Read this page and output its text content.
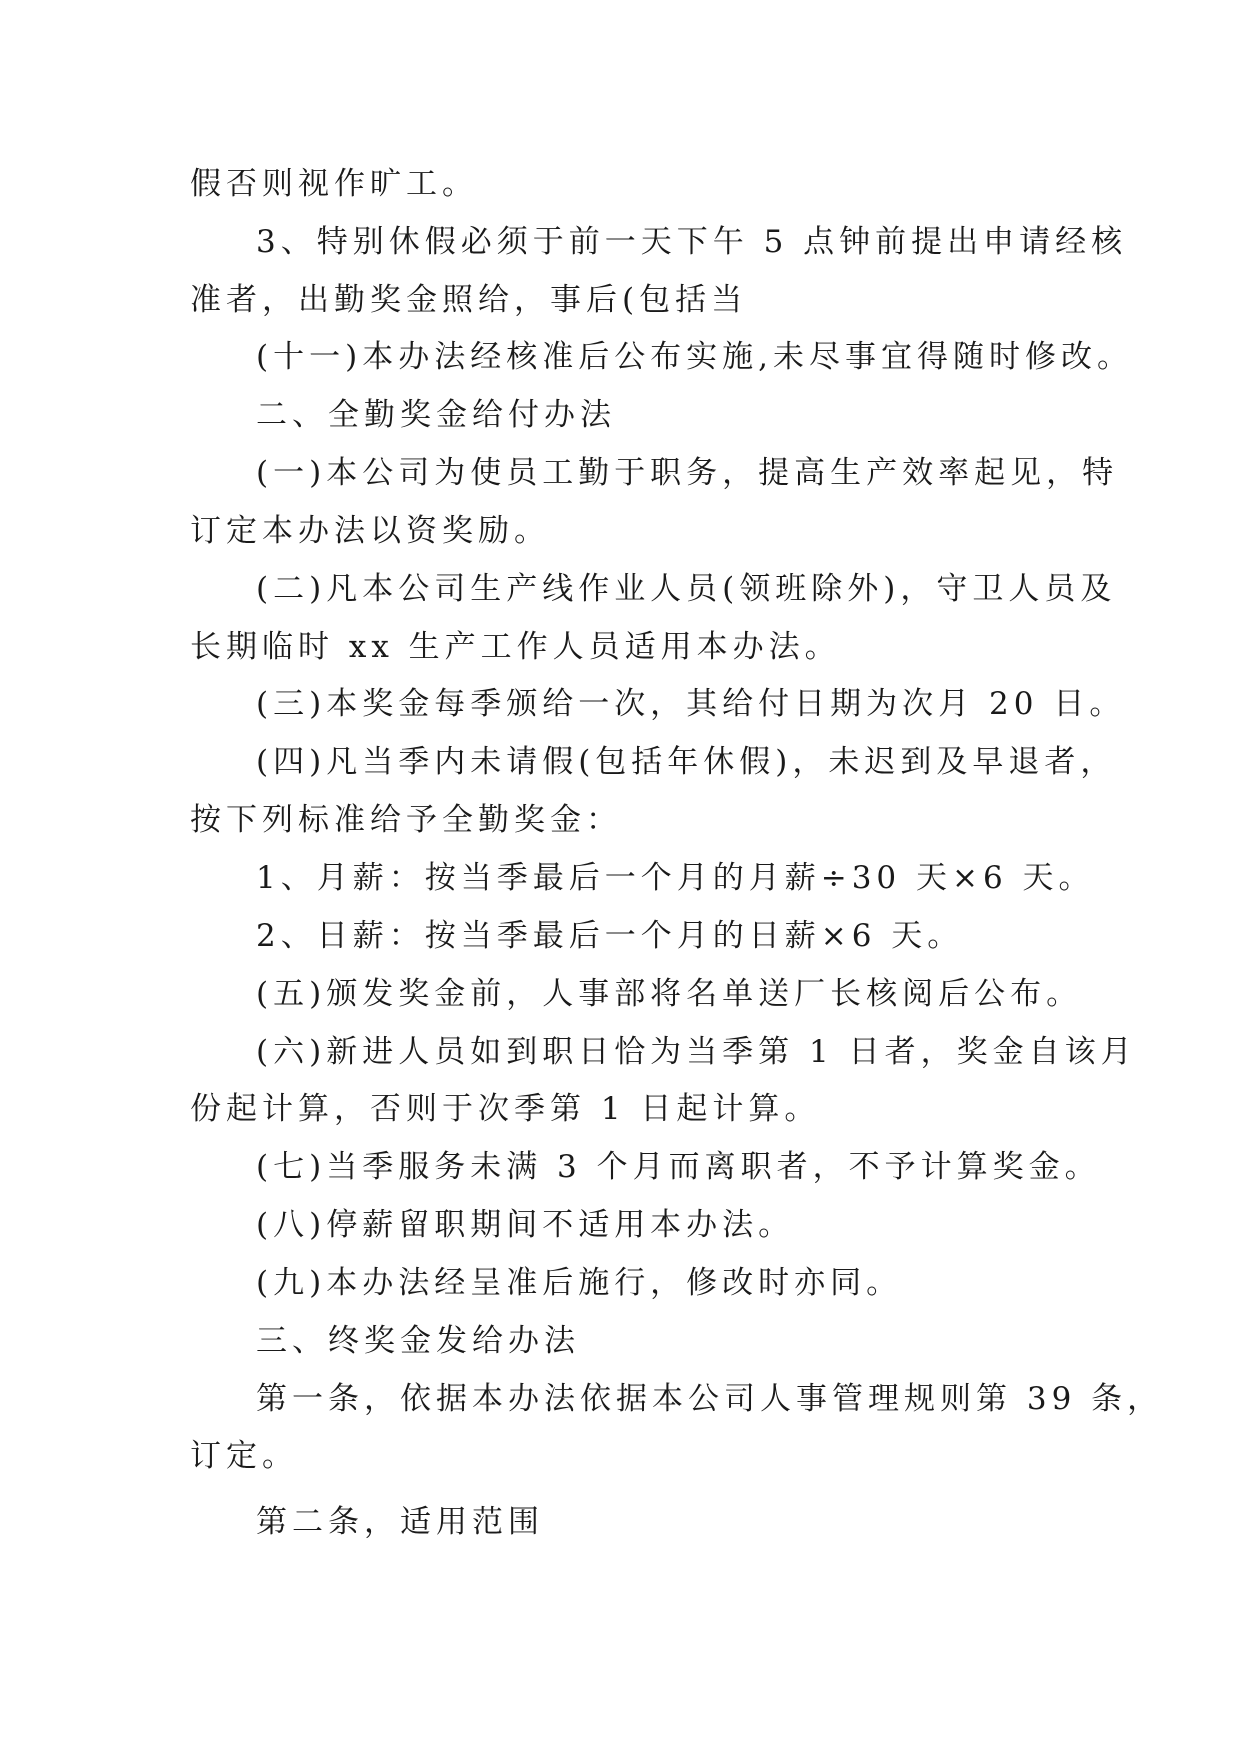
假否则视作旷工。
3、特别休假必须于前一天下午 5 点钟前提出申请经核
准者，出勤奖金照给，事后(包括当
(十一)本办法经核准后公布实施,未尽事宜得随时修改。
二、全勤奖金给付办法
(一)本公司为使员工勤于职务，提高生产效率起见，特
订定本办法以资奖励。
(二)凡本公司生产线作业人员(领班除外)，守卫人员及
长期临时 xx 生产工作人员适用本办法。
(三)本奖金每季颁给一次，其给付日期为次月 20 日。
(四)凡当季内未请假(包括年休假)，未迟到及早退者，
按下列标准给予全勤奖金：
1、月薪：按当季最后一个月的月薪÷30 天×6 天。
2、日薪：按当季最后一个月的日薪×6 天。
(五)颁发奖金前，人事部将名单送厂长核阅后公布。
(六)新进人员如到职日恰为当季第 1 日者，奖金自该月
份起计算，否则于次季第 1 日起计算。
(七)当季服务未满 3 个月而离职者，不予计算奖金。
(八)停薪留职期间不适用本办法。
(九)本办法经呈准后施行，修改时亦同。
三、终奖金发给办法
第一条，依据本办法依据本公司人事管理规则第 39 条，
订定。
第二条，适用范围
